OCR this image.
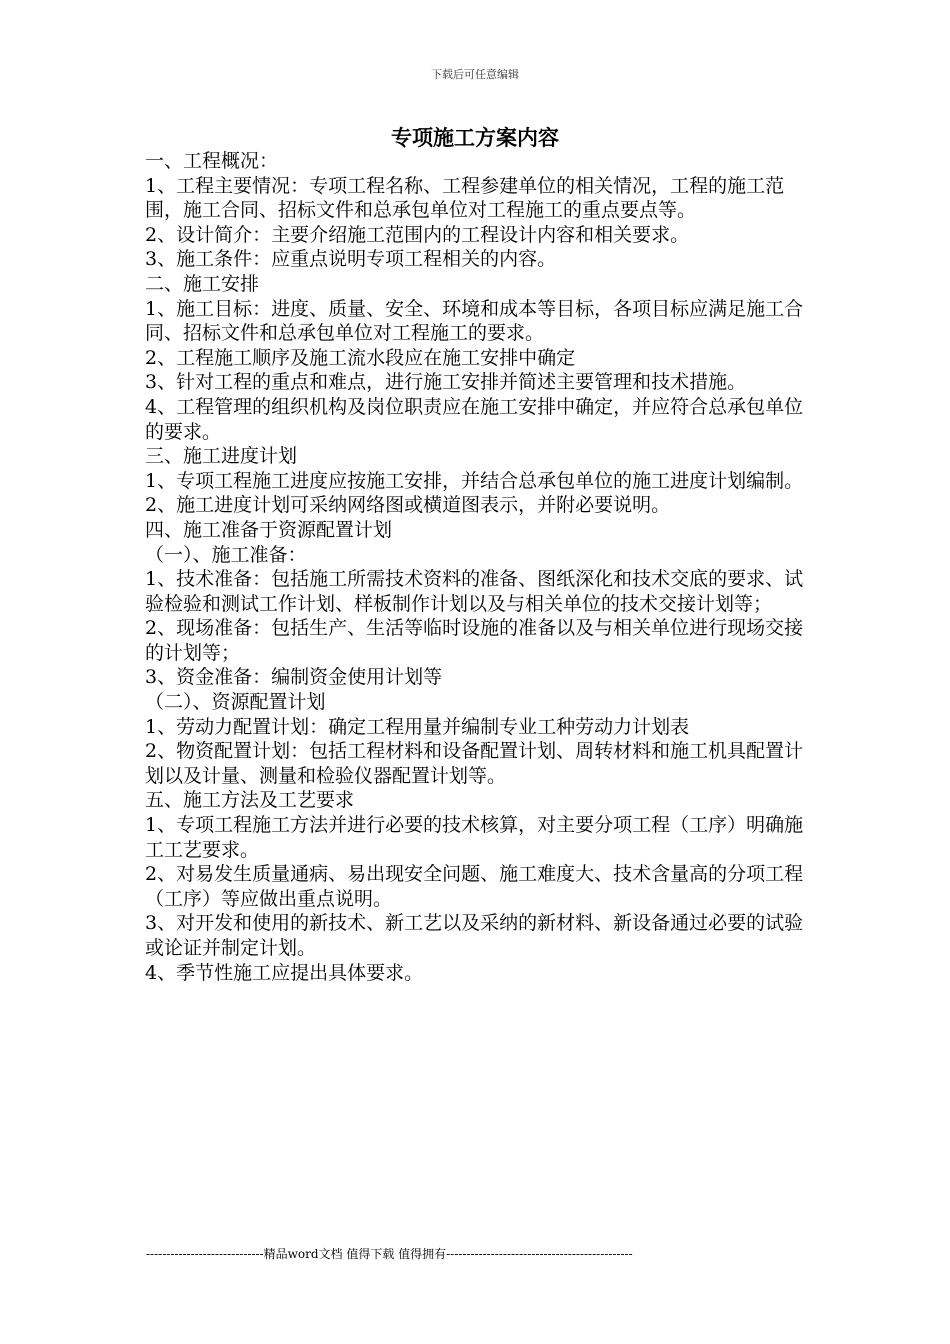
下载后可任意编辑
专项施工方案内容

一、工程概况：

1、工程主要情况：专项工程名称、工程参建单位的相关情况，工程的施工范围，施工合同、招标文件和总承包单位对工程施工的重点要点等。

2、设计简介：主要介绍施工范围内的工程设计内容和相关要求。

3、施工条件：应重点说明专项工程相关的内容。

二、施工安排

1、施工目标：进度、质量、安全、环境和成本等目标，各项目标应满足施工合同、招标文件和总承包单位对工程施工的要求。

2、工程施工顺序及施工流水段应在施工安排中确定

3、针对工程的重点和难点，进行施工安排并简述主要管理和技术措施。

4、工程管理的组织机构及岗位职责应在施工安排中确定，并应符合总承包单位的要求。

三、施工进度计划

1、专项工程施工进度应按施工安排，并结合总承包单位的施工进度计划编制。

2、施工进度计划可采纳网络图或横道图表示，并附必要说明。

四、施工准备于资源配置计划

（一）、施工准备：

1、技术准备：包括施工所需技术资料的准备、图纸深化和技术交底的要求、试验检验和测试工作计划、样板制作计划以及与相关单位的技术交接计划等；

2、现场准备：包括生产、生活等临时设施的准备以及与相关单位进行现场交接的计划等；

3、资金准备：编制资金使用计划等

（二）、资源配置计划

1、劳动力配置计划：确定工程用量并编制专业工种劳动力计划表

2、物资配置计划：包括工程材料和设备配置计划、周转材料和施工机具配置计划以及计量、测量和检验仪器配置计划等。

五、施工方法及工艺要求

1、专项工程施工方法并进行必要的技术核算，对主要分项工程（工序）明确施工工艺要求。

2、对易发生质量通病、易出现安全问题、施工难度大、技术含量高的分项工程（工序）等应做出重点说明。

3、对开发和使用的新技术、新工艺以及采纳的新材料、新设备通过必要的试验或论证并制定计划。

4、季节性施工应提出具体要求。

-----------------------------精品word文档 值得下载 值得拥有----------------------------------------------
